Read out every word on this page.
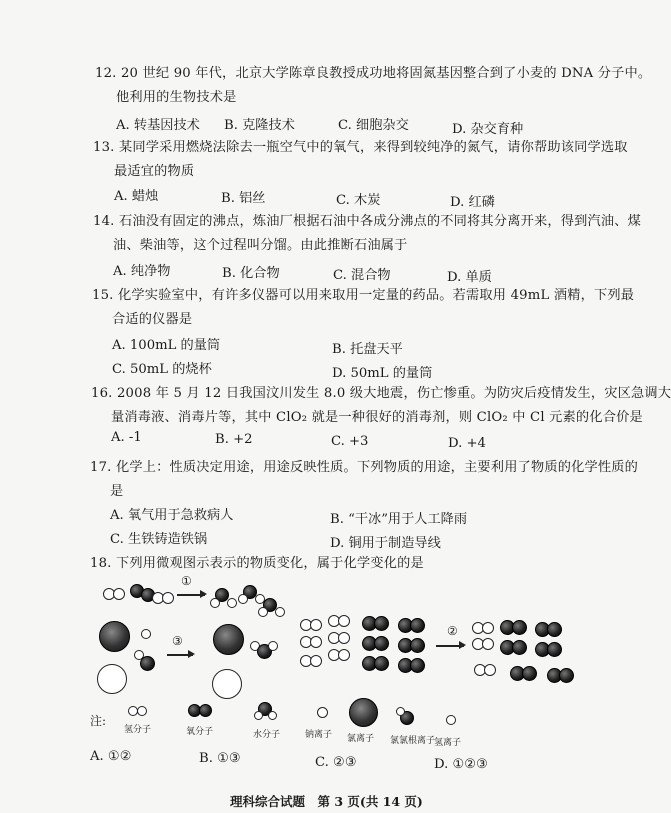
12. 20 世纪 90 年代，北京大学陈章良教授成功地将固氮基因整合到了小麦的 DNA 分子中。
他利用的生物技术是
A. 转基因技术 B. 克隆技术	C. 细胞杂交	D. 杂交育种
13. 某同学采用燃烧法除去一瓶空气中的氧气，来得到较纯净的氮气，请你帮助该同学选取
最适宜的物质
A. 蜡烛	B. 铝丝	C. 木炭	D. 红磷
14. 石油没有固定的沸点，炼油厂根据石油中各成分沸点的不同将其分离开来，得到汽油、煤
油、柴油等，这个过程叫分馏。由此推断石油属于
A. 纯净物	B. 化合物	C. 混合物	D. 单质
15. 化学实验室中，有许多仪器可以用来取用一定量的药品。若需取用 49mL 酒精，下列最
合适的仪器是
A. 100mL 的量筒	B. 托盘天平
C. 50mL 的烧杯	D. 50mL 的量筒
16. 2008 年 5 月 12 日我国汶川发生 8.0 级大地震，伤亡惨重。为防灾后疫情发生，灾区急调大
量消毒液、消毒片等，其中 ClO₂ 就是一种很好的消毒剂，则 ClO₂ 中 Cl 元素的化合价是
A. -1	B. +2	C. +3	D. +4
17. 化学上：性质决定用途，用途反映性质。下列物质的用途，主要利用了物质的化学性质的
是
A. 氧气用于急救病人	B. “干冰”用于人工降雨
C. 生铁铸造铁锅	D. 铜用于制造导线
18. 下列用微观图示表示的物质变化，属于化学变化的是
①
③
②
注:
氢分子	氧分子	水分子	钠离子 氯离子 氯氯根离子
氢离子
A. ①②	B. ①③	C. ②③	D. ①②③
理科综合试题　第 3 页(共 14 页)
